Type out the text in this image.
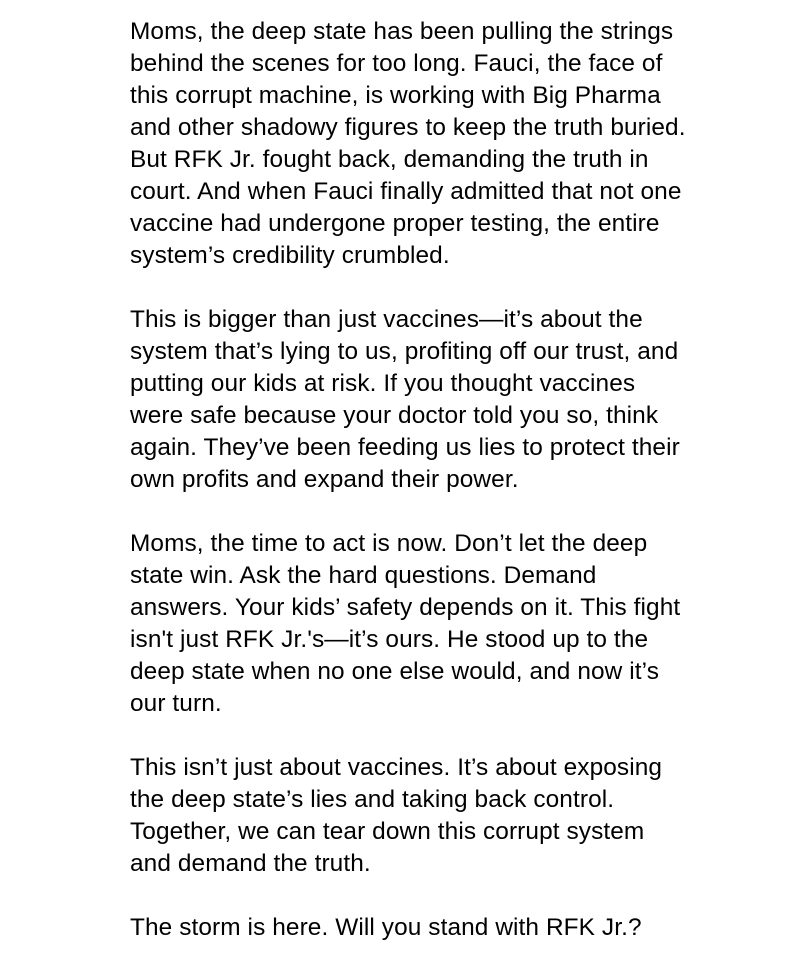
Moms, the deep state has been pulling the strings
behind the scenes for too long. Fauci, the face of
this corrupt machine, is working with Big Pharma
and other shadowy figures to keep the truth buried.
But RFK Jr. fought back, demanding the truth in
court. And when Fauci finally admitted that not one
vaccine had undergone proper testing, the entire
system’s credibility crumbled.

This is bigger than just vaccines—it’s about the
system that’s lying to us, profiting off our trust, and
putting our kids at risk. If you thought vaccines
were safe because your doctor told you so, think
again. They’ve been feeding us lies to protect their
own profits and expand their power.

Moms, the time to act is now. Don’t let the deep
state win. Ask the hard questions. Demand
answers. Your kids’ safety depends on it. This fight
isn't just RFK Jr.'s—it’s ours. He stood up to the
deep state when no one else would, and now it’s
our turn.

This isn’t just about vaccines. It’s about exposing
the deep state’s lies and taking back control.
Together, we can tear down this corrupt system
and demand the truth.

The storm is here. Will you stand with RFK Jr.?
